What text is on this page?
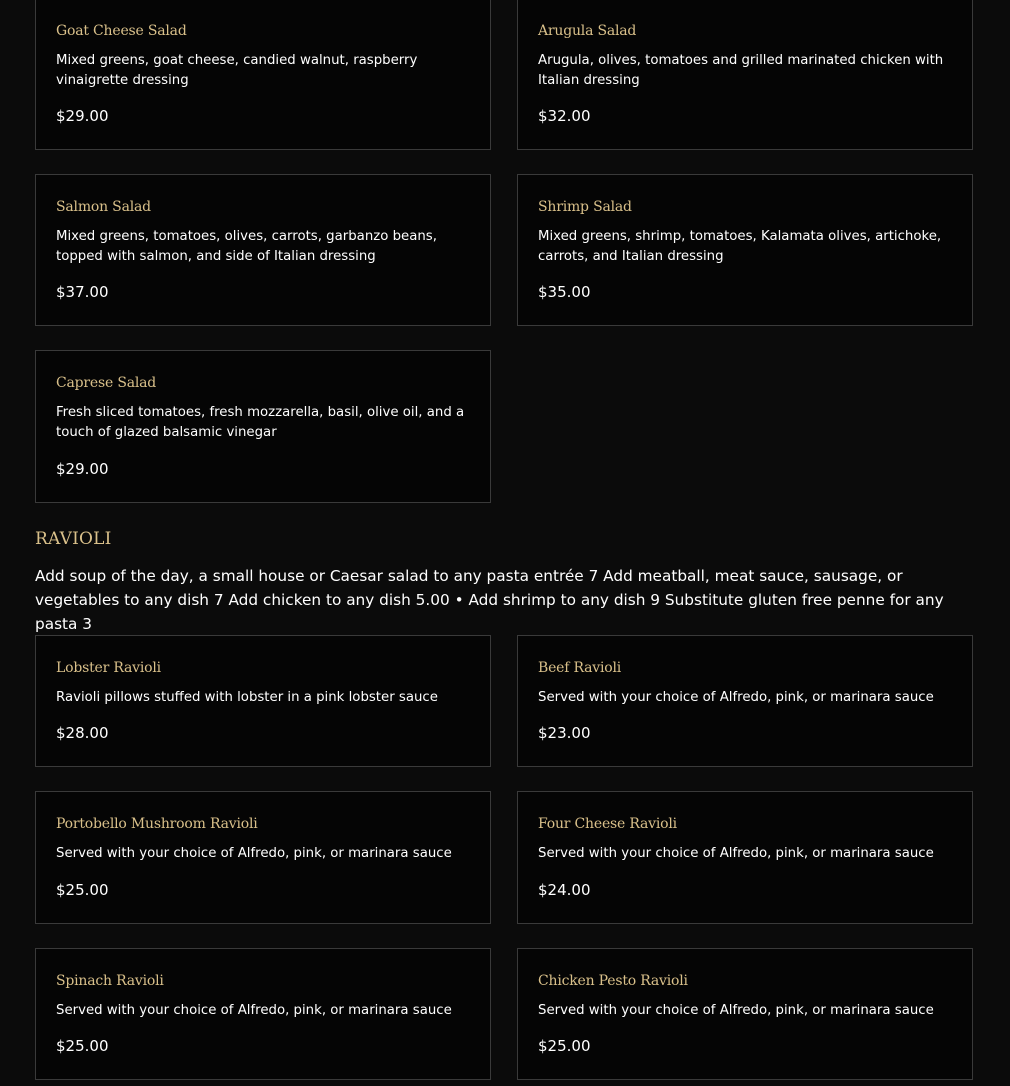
Goat Cheese Salad
Mixed greens, goat cheese, candied walnut, raspberry vinaigrette dressing
$29.00
Arugula Salad
Arugula, olives, tomatoes and grilled marinated chicken with Italian dressing
$32.00
Salmon Salad
Mixed greens, tomatoes, olives, carrots, garbanzo beans, topped with salmon, and side of Italian dressing
$37.00
Shrimp Salad
Mixed greens, shrimp, tomatoes, Kalamata olives, artichoke, carrots, and Italian dressing
$35.00
Caprese Salad
Fresh sliced tomatoes, fresh mozzarella, basil, olive oil, and a touch of glazed balsamic vinegar
$29.00
RAVIOLI
Add soup of the day, a small house or Caesar salad to any pasta entrée 7 Add meatball, meat sauce, sausage, or vegetables to any dish 7 Add chicken to any dish 5.00 • Add shrimp to any dish 9 Substitute gluten free penne for any pasta 3
Lobster Ravioli
Ravioli pillows stuffed with lobster in a pink lobster sauce
$28.00
Beef Ravioli
Served with your choice of Alfredo, pink, or marinara sauce
$23.00
Portobello Mushroom Ravioli
Served with your choice of Alfredo, pink, or marinara sauce
$25.00
Four Cheese Ravioli
Served with your choice of Alfredo, pink, or marinara sauce
$24.00
Spinach Ravioli
Served with your choice of Alfredo, pink, or marinara sauce
$25.00
Chicken Pesto Ravioli
Served with your choice of Alfredo, pink, or marinara sauce
$25.00
